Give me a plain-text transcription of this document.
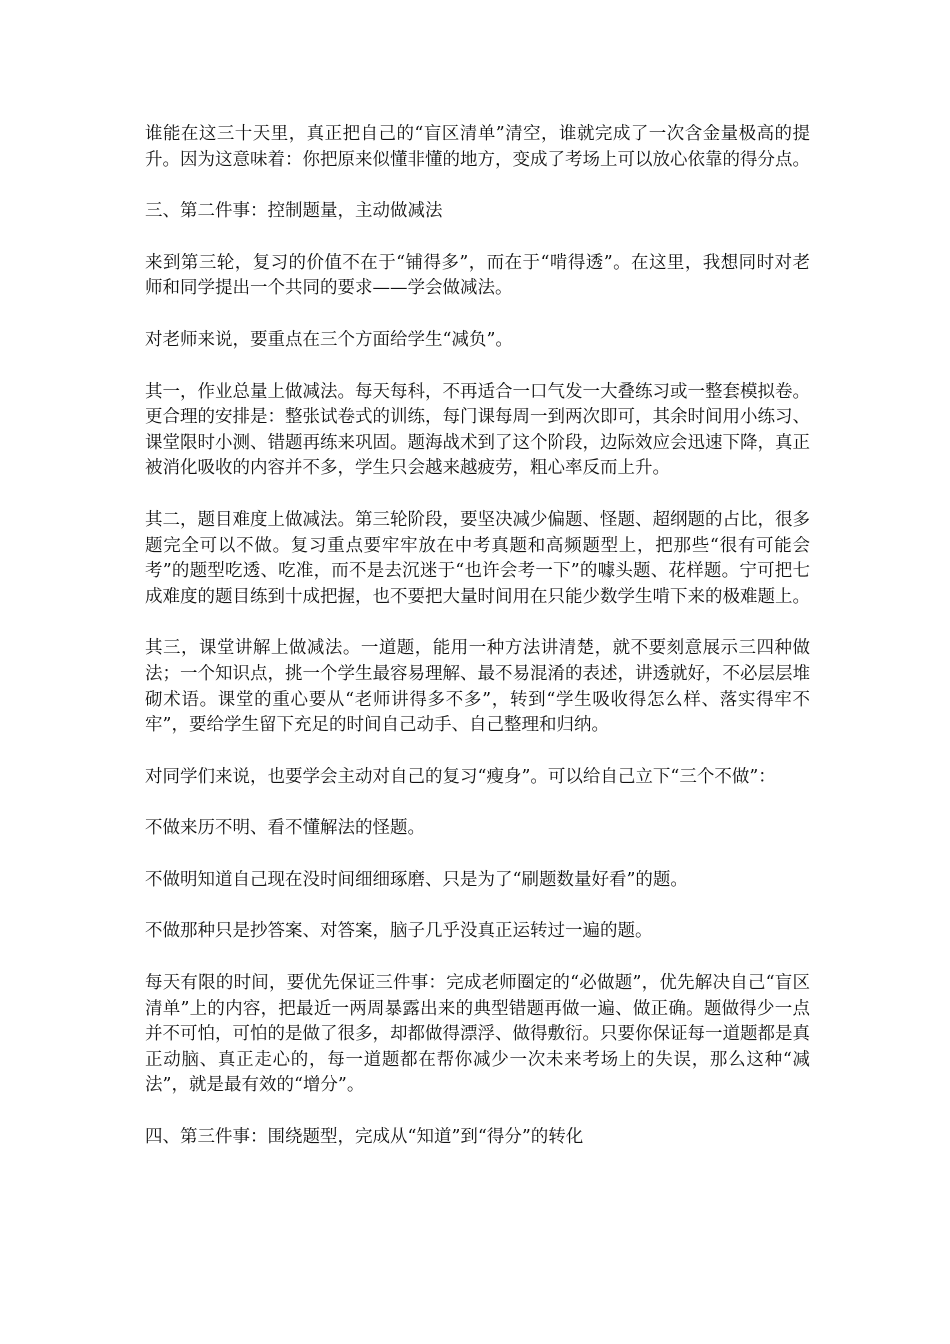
谁能在这三十天里，真正把自己的“盲区清单”清空，谁就完成了一次含金量极高的提升。因为这意味着：你把原来似懂非懂的地方，变成了考场上可以放心依靠的得分点。

三、第二件事：控制题量，主动做减法

来到第三轮，复习的价值不在于“铺得多”，而在于“啃得透”。在这里，我想同时对老师和同学提出一个共同的要求——学会做减法。

对老师来说，要重点在三个方面给学生“减负”。

其一，作业总量上做减法。每天每科，不再适合一口气发一大叠练习或一整套模拟卷。更合理的安排是：整张试卷式的训练，每门课每周一到两次即可，其余时间用小练习、课堂限时小测、错题再练来巩固。题海战术到了这个阶段，边际效应会迅速下降，真正被消化吸收的内容并不多，学生只会越来越疲劳，粗心率反而上升。

其二，题目难度上做减法。第三轮阶段，要坚决减少偏题、怪题、超纲题的占比，很多题完全可以不做。复习重点要牢牢放在中考真题和高频题型上，把那些“很有可能会考”的题型吃透、吃准，而不是去沉迷于“也许会考一下”的噱头题、花样题。宁可把七成难度的题目练到十成把握，也不要把大量时间用在只能少数学生啃下来的极难题上。

其三，课堂讲解上做减法。一道题，能用一种方法讲清楚，就不要刻意展示三四种做法；一个知识点，挑一个学生最容易理解、最不易混淆的表述，讲透就好，不必层层堆砌术语。课堂的重心要从“老师讲得多不多”，转到“学生吸收得怎么样、落实得牢不牢”，要给学生留下充足的时间自己动手、自己整理和归纳。

对同学们来说，也要学会主动对自己的复习“瘦身”。可以给自己立下“三个不做”：

不做来历不明、看不懂解法的怪题。

不做明知道自己现在没时间细细琢磨、只是为了“刷题数量好看”的题。

不做那种只是抄答案、对答案，脑子几乎没真正运转过一遍的题。

每天有限的时间，要优先保证三件事：完成老师圈定的“必做题”，优先解决自己“盲区清单”上的内容，把最近一两周暴露出来的典型错题再做一遍、做正确。题做得少一点并不可怕，可怕的是做了很多，却都做得漂浮、做得敷衍。只要你保证每一道题都是真正动脑、真正走心的，每一道题都在帮你减少一次未来考场上的失误，那么这种“减法”，就是最有效的“增分”。

四、第三件事：围绕题型，完成从“知道”到“得分”的转化
